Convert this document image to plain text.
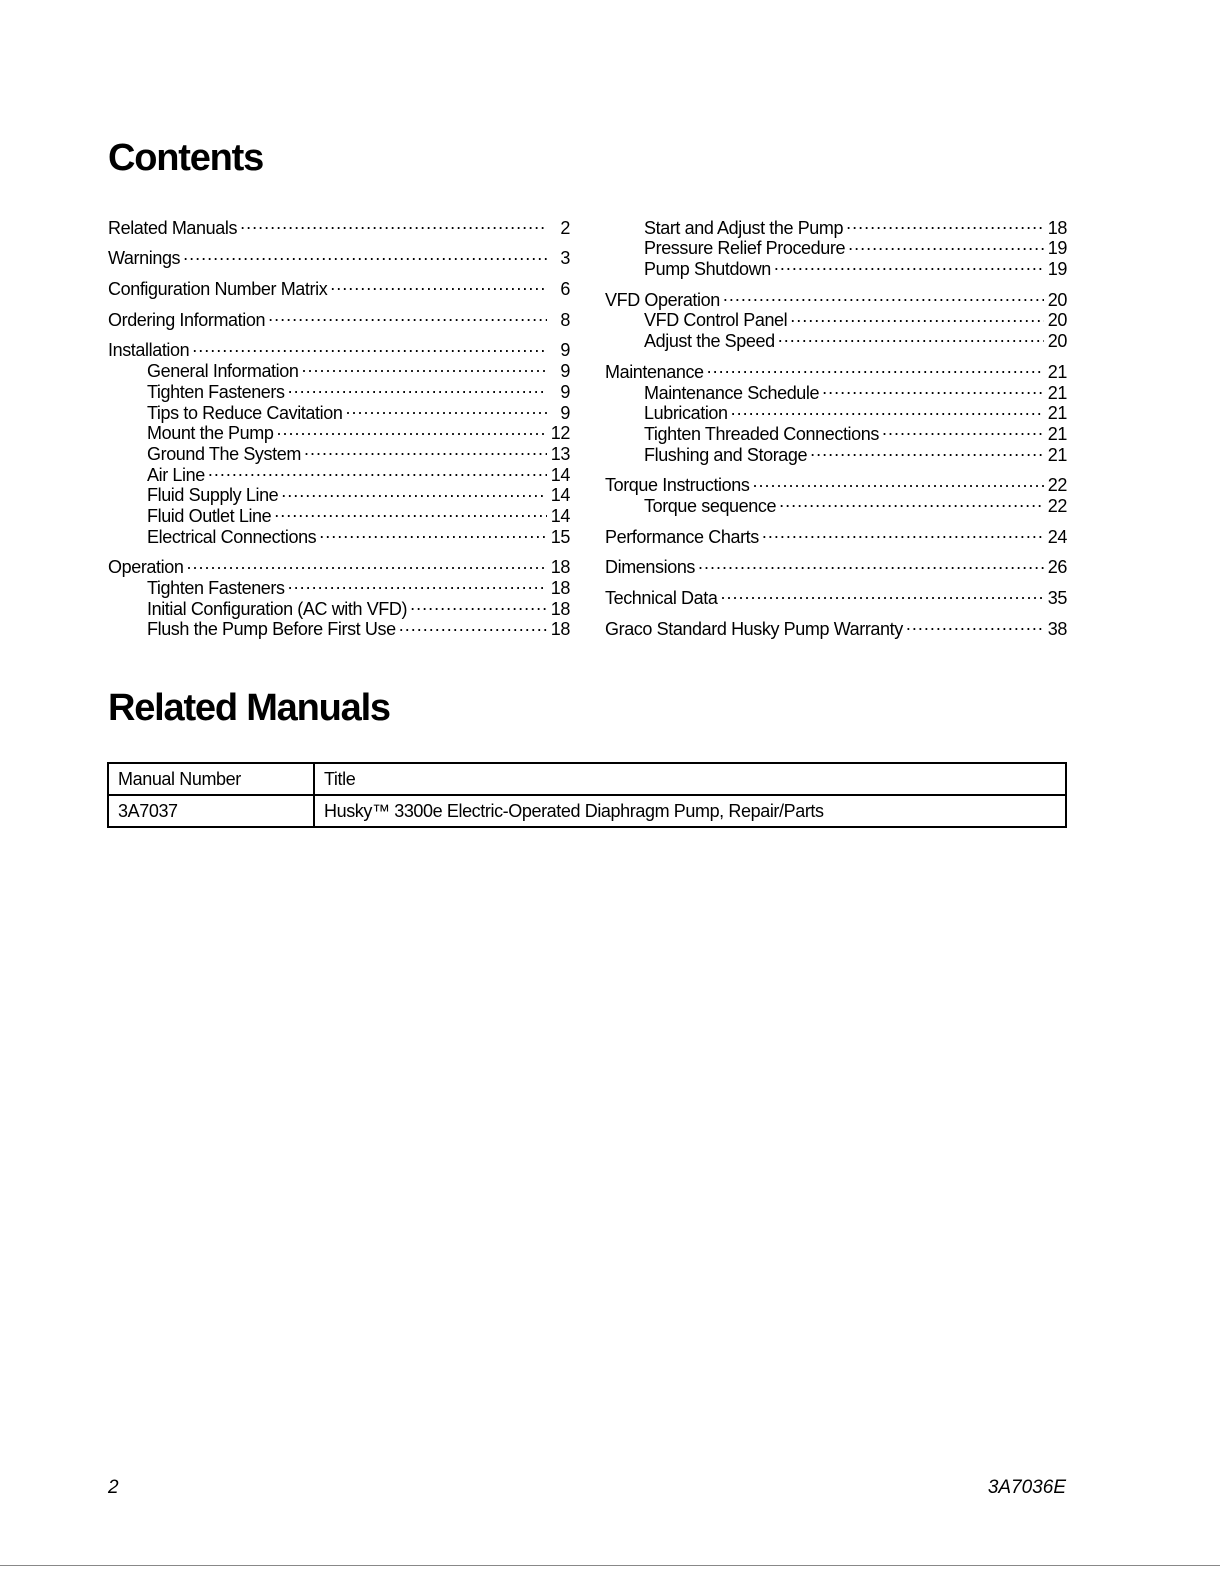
Contents
Related Manuals .....	2
Warnings .....	3
Configuration Number Matrix .....	6
Ordering Information .....	8
Installation .....	9
General Information .....	9
Tighten Fasteners .....	9
Tips to Reduce Cavitation .....	9
Mount the Pump .....	12
Ground The System .....	13
Air Line .....	14
Fluid Supply Line .....	14
Fluid Outlet Line .....	14
Electrical Connections .....	15
Operation .....	18
Tighten Fasteners .....	18
Initial Configuration (AC with VFD) .....	18
Flush the Pump Before First Use .....	18
Start and Adjust the Pump .....	18
Pressure Relief Procedure .....	19
Pump Shutdown .....	19
VFD Operation .....	20
VFD Control Panel .....	20
Adjust the Speed .....	20
Maintenance .....	21
Maintenance Schedule .....	21
Lubrication .....	21
Tighten Threaded Connections .....	21
Flushing and Storage .....	21
Torque Instructions .....	22
Torque sequence .....	22
Performance Charts .....	24
Dimensions .....	26
Technical Data .....	35
Graco Standard Husky Pump Warranty .....	38
Related Manuals
Manual Number	Title
3A7037	Husky™ 3300e Electric-Operated Diaphragm Pump, Repair/Parts
2	3A7036E
